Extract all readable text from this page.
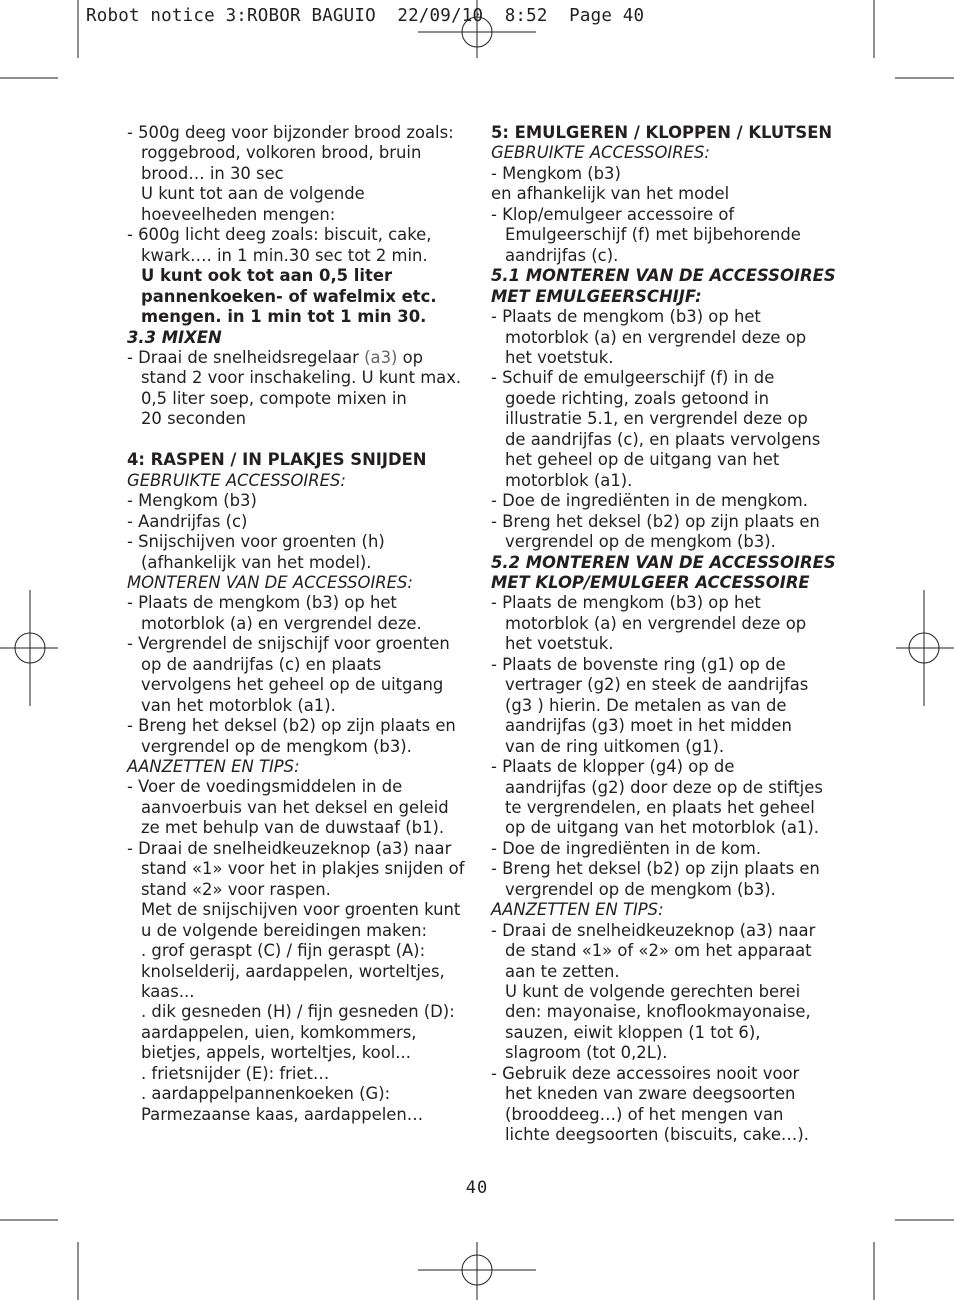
Robot notice 3:ROBOR BAGUIO  22/09/10  8:52  Page 40
- 500g deeg voor bijzonder brood zoals:
roggebrood, volkoren brood, bruin
brood… in 30 sec
U kunt tot aan de volgende
hoeveelheden mengen:
- 600g licht deeg zoals: biscuit, cake,
kwark…. in 1 min.30 sec tot 2 min.
U kunt ook tot aan 0,5 liter
pannenkoeken- of wafelmix etc.
mengen. in 1 min tot 1 min 30.
3.3 MIXEN
- Draai de snelheidsregelaar (a3) op
stand 2 voor inschakeling. U kunt max.
0,5 liter soep, compote mixen in
20 seconden
4: RASPEN / IN PLAKJES SNIJDEN
GEBRUIKTE ACCESSOIRES:
- Mengkom (b3)
- Aandrijfas (c)
- Snijschijven voor groenten (h)
(afhankelijk van het model).
MONTEREN VAN DE ACCESSOIRES:
- Plaats de mengkom (b3) op het
motorblok (a) en vergrendel deze.
- Vergrendel de snijschijf voor groenten
op de aandrijfas (c) en plaats
vervolgens het geheel op de uitgang
van het motorblok (a1).
- Breng het deksel (b2) op zijn plaats en
vergrendel op de mengkom (b3).
AANZETTEN EN TIPS:
- Voer de voedingsmiddelen in de
aanvoerbuis van het deksel en geleid
ze met behulp van de duwstaaf (b1).
- Draai de snelheidkeuzeknop (a3) naar
stand «1» voor het in plakjes snijden of
stand «2» voor raspen.
Met de snijschijven voor groenten kunt
u de volgende bereidingen maken:
. grof geraspt (C) / fijn geraspt (A):
knolselderij, aardappelen, worteltjes,
kaas...
. dik gesneden (H) / fijn gesneden (D):
aardappelen, uien, komkommers,
bietjes, appels, worteltjes, kool...
. frietsnijder (E): friet…
. aardappelpannenkoeken (G):
Parmezaanse kaas, aardappelen…
5: EMULGEREN / KLOPPEN / KLUTSEN
GEBRUIKTE ACCESSOIRES:
- Mengkom (b3)
en afhankelijk van het model
- Klop/emulgeer accessoire of
Emulgeerschijf (f) met bijbehorende
aandrijfas (c).
5.1 MONTEREN VAN DE ACCESSOIRES
MET EMULGEERSCHIJF:
- Plaats de mengkom (b3) op het
motorblok (a) en vergrendel deze op
het voetstuk.
- Schuif de emulgeerschijf (f) in de
goede richting, zoals getoond in
illustratie 5.1, en vergrendel deze op
de aandrijfas (c), en plaats vervolgens
het geheel op de uitgang van het
motorblok (a1).
- Doe de ingrediënten in de mengkom.
- Breng het deksel (b2) op zijn plaats en
vergrendel op de mengkom (b3).
5.2 MONTEREN VAN DE ACCESSOIRES
MET KLOP/EMULGEER ACCESSOIRE
- Plaats de mengkom (b3) op het
motorblok (a) en vergrendel deze op
het voetstuk.
- Plaats de bovenste ring (g1) op de
vertrager (g2) en steek de aandrijfas
(g3 ) hierin. De metalen as van de
aandrijfas (g3) moet in het midden
van de ring uitkomen (g1).
- Plaats de klopper (g4) op de
aandrijfas (g2) door deze op de stiftjes
te vergrendelen, en plaats het geheel
op de uitgang van het motorblok (a1).
- Doe de ingrediënten in de kom.
- Breng het deksel (b2) op zijn plaats en
vergrendel op de mengkom (b3).
AANZETTEN EN TIPS:
- Draai de snelheidkeuzeknop (a3) naar
de stand «1» of «2» om het apparaat
aan te zetten.
U kunt de volgende gerechten berei
den: mayonaise, knoflookmayonaise,
sauzen, eiwit kloppen (1 tot 6),
slagroom (tot 0,2L).
- Gebruik deze accessoires nooit voor
het kneden van zware deegsoorten
(brooddeeg…) of het mengen van
lichte deegsoorten (biscuits, cake…).
40
